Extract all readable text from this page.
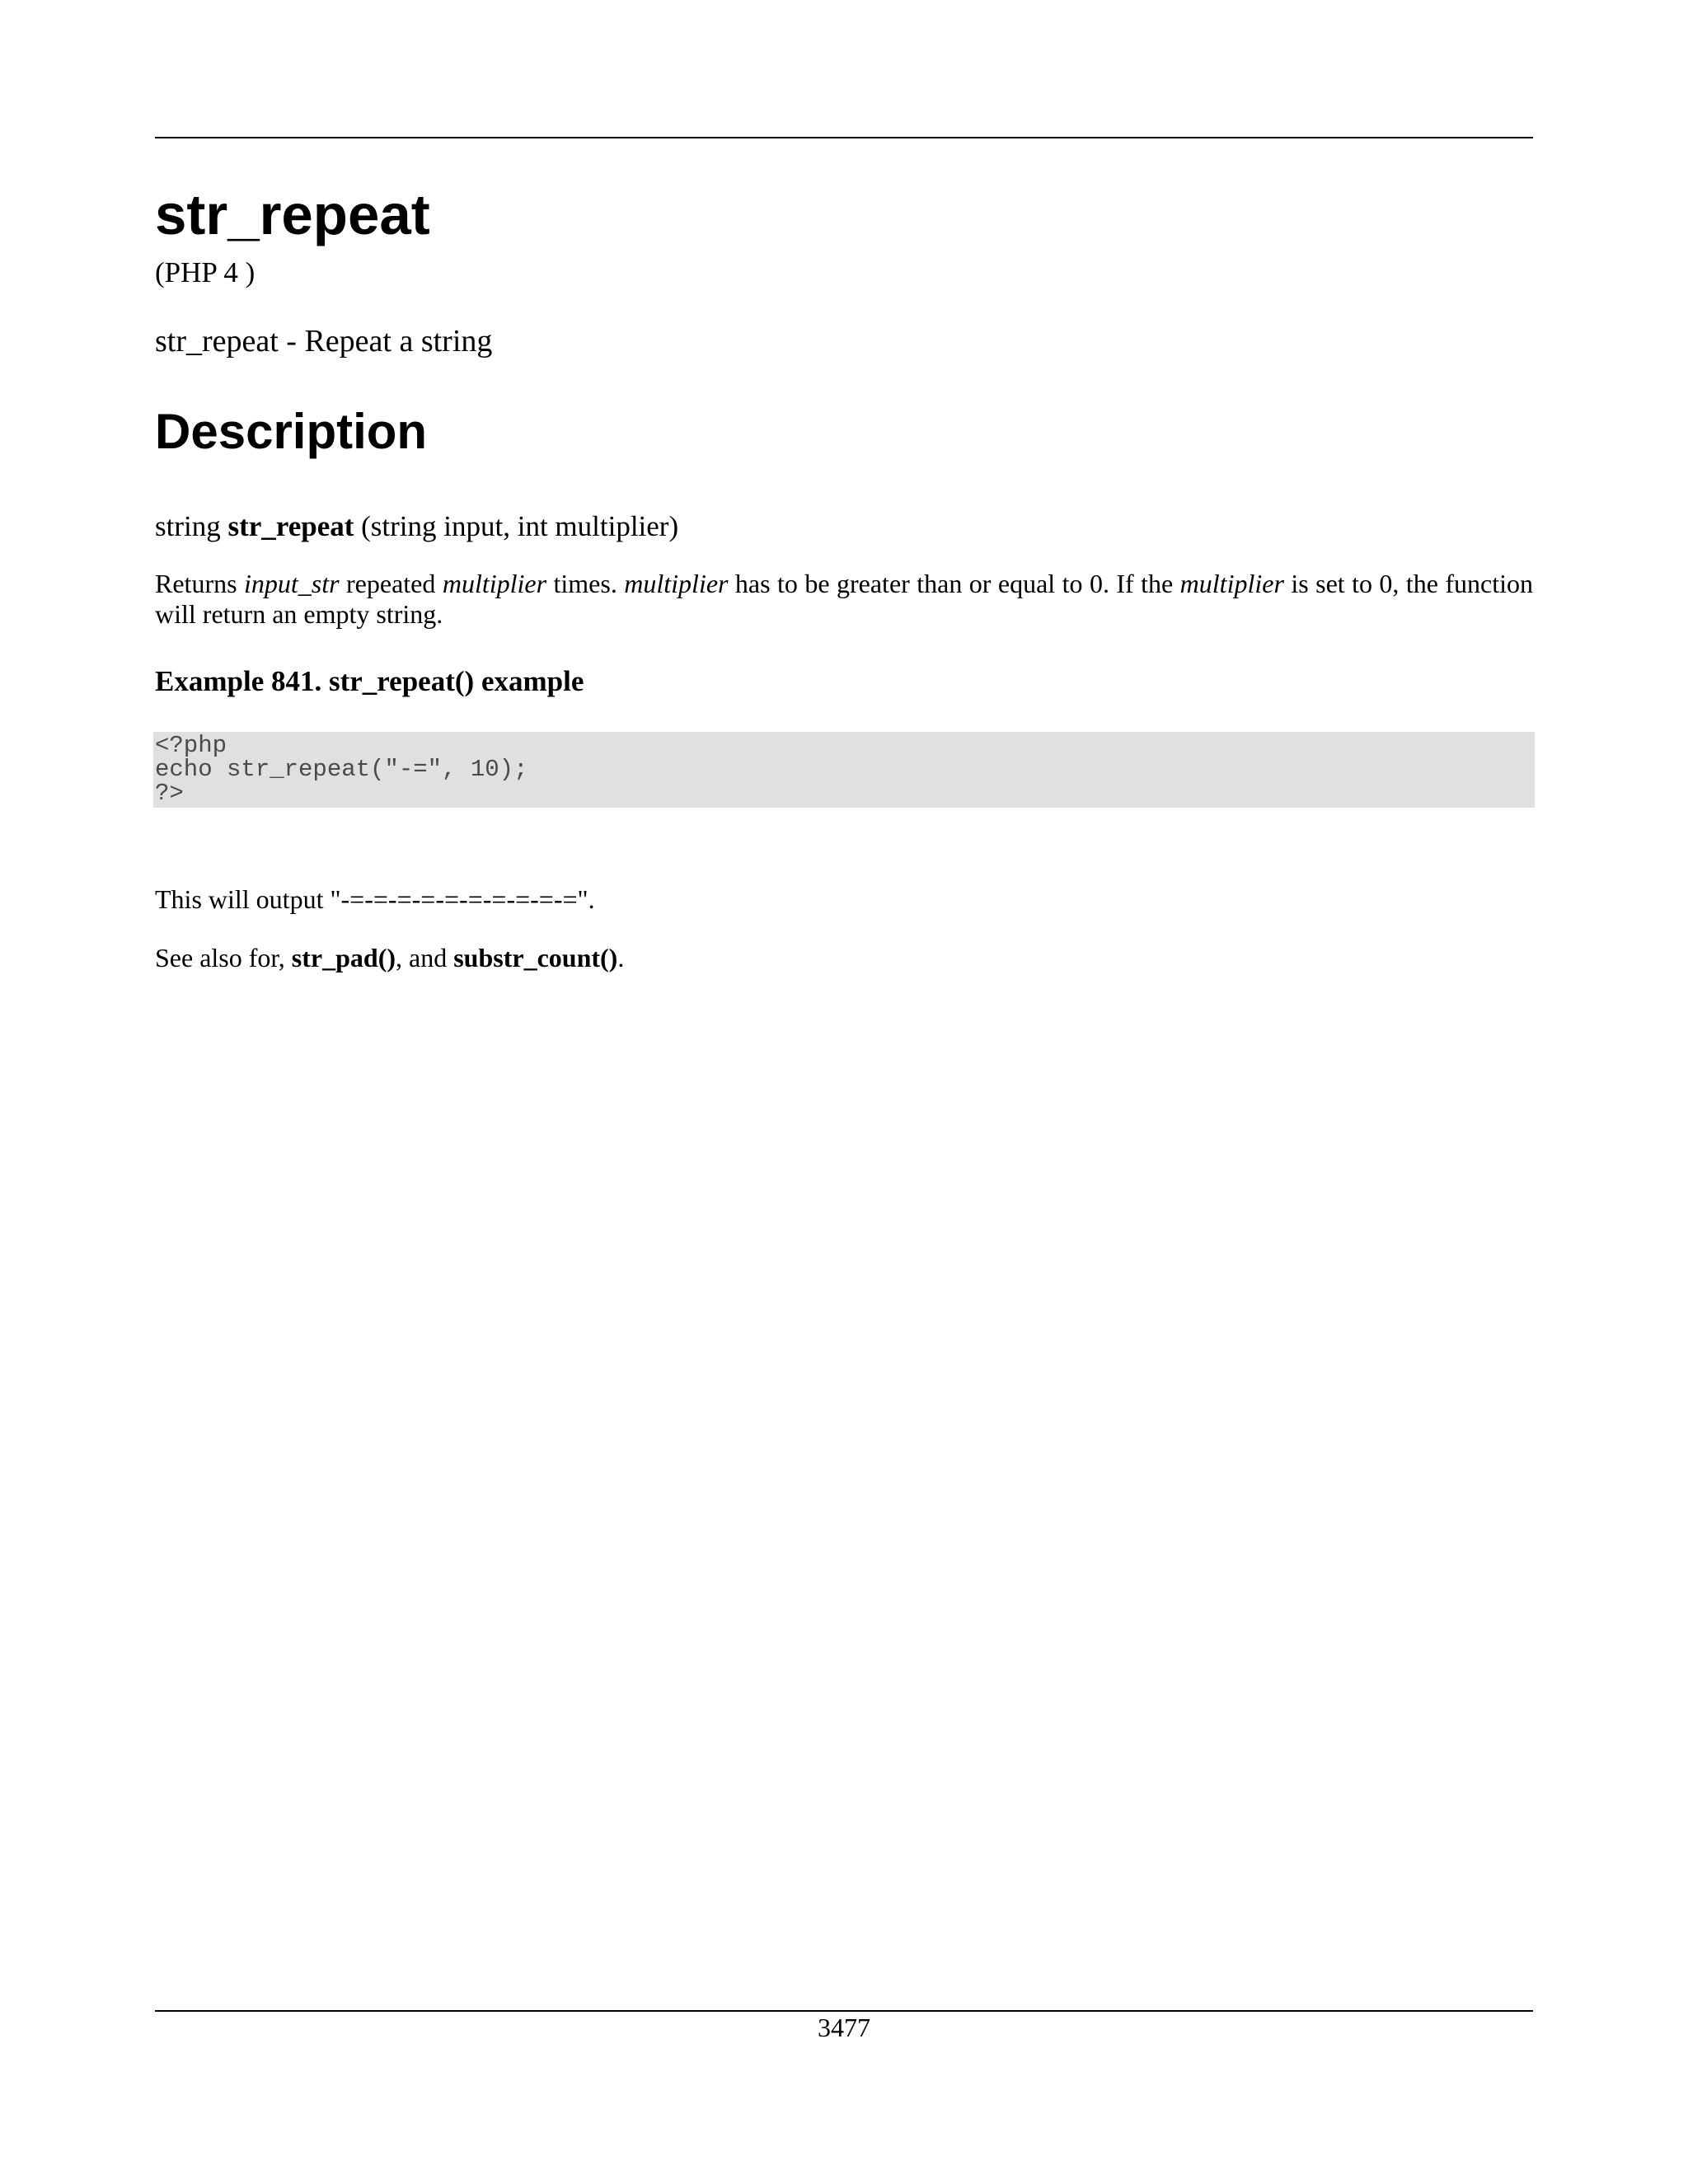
str_repeat
(PHP 4 )
str_repeat - Repeat a string
Description
string str_repeat (string input, int multiplier)
Returns input_str repeated multiplier times. multiplier has to be greater than or equal to 0. If the multiplier is set to 0, the function will return an empty string.
Example 841. str_repeat() example
<?php
echo str_repeat("-=", 10);
?>
This will output "-=-=-=-=-=-=-=-=-=-=".
See also for, str_pad(), and substr_count().
3477
